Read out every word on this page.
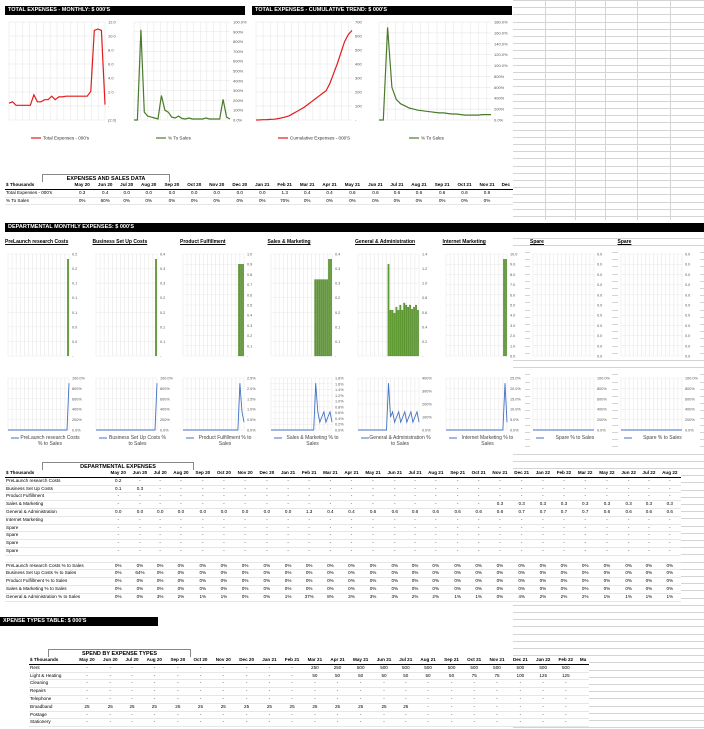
TOTAL EXPENSES - MONTHLY: $ 000'S	TOTAL EXPENSES - CUMULATIVE TREND: $ 000'S
DEPARTMENTAL MONTHLY EXPENSES: $ 000'S
XPENSE TYPES TABLE: $ 000'S
12.0
10.0
8.0
6.0
4.0
2.0
-
(2.0)
Total Expenses - 000's
100.0%
900%
800%
700%
600%
500%
400%
300%
200%
100%
0.0%
% To Sales
700
600
500
400
300
200
100
-
Cumulative Expenses - 000'S
180.0%
160.0%
140.0%
120.0%
100.0%
800%
600%
400%
200%
0.0%
% To Sales
EXPENSES AND SALES DATA
$ Thousands	May 20	Jun 20	Jul 20	Aug 20	Sep 20	Oct 20	Nov 20	Dec 20	Jan 21	Feb 21	Mar 21	Apr 21	May 21	Jun 21	Jul 21	Aug 21	Sep 21	Oct 21	Nov 21	Dec
Total Expenses - 000's	0.3	0.4	0.0	0.0	0.0	0.0	0.0	0.0	0.0	1.3	0.4	0.4	0.6	0.6	0.6	0.6	0.6	0.6	0.9	
% To Sales	0%	60%	0%	0%	0%	0%	0%	0%	0%	70%	0%	0%	0%	0%	0%	0%	0%	0%	0%	
PreLaunch research Costs
0.2
0.2
0.1
0.1
0.1
0.0
0.0
-
100.0%
800%
600%
400%
200%
0.0%
PreLaunch research Costs % to Sales
Business Set Up Costs
0.4
0.3
0.3
0.2
0.2
0.1
0.1
-
100.0%
800%
600%
400%
200%
0.0%
Business Set Up Costs % to Sales
Product Fulfillment
1.0
0.9
0.8
0.7
0.6
0.5
0.4
0.3
0.2
0.1
-
2.5%
2.0%
1.5%
1.0%
0.5%
0.0%
Product Fulfillment % to Sales
Sales & Marketing
0.4
0.3
0.3
0.2
0.2
0.1
0.1
-
1.8%
1.6%
1.4%
1.2%
1.0%
0.8%
0.6%
0.4%
0.2%
0.0%
Sales & Marketing % to Sales
General & Administration
1.4
1.2
1.0
0.8
0.6
0.4
0.2
-
400%
300%
200%
100%
0.0%
General & Administration % to Sales
Internet Marketing
10.0
9.0
8.0
7.0
6.0
5.0
4.0
3.0
2.0
1.0
0.0
25.0%
20.0%
15.0%
10.0%
5.0%
0.0%
Internet Marketing % to Sales
Spare
0.0
0.0
0.0
0.0
0.0
0.0
0.0
0.0
0.0
0.0
0.0
100.0%
800%
600%
400%
200%
0.0%
Spare % to Sales
Spare
0.0
0.0
0.0
0.0
0.0
0.0
0.0
0.0
0.0
0.0
0.0
100.0%
800%
600%
400%
200%
0.0%
Spare % to Sales
DEPARTMENTAL EXPENSES
$ Thousands	May 20	Jun 20	Jul 20	Aug 20	Sep 20	Oct 20	Nov 20	Dec 20	Jan 21	Feb 21	Mar 21	Apr 21	May 21	Jun 21	Jul 21	Aug 21	Sep 21	Oct 21	Nov 21	Dec 21	Jan 22	Feb 22	Mar 22	May 22	Jun 22	Jul 22	Aug 22
PreLaunch research Costs	0.2	-	-	-	-	-	-	-	-	-	-	-	-	-	-	-	-	-	-	-	-	-	-	-	-	-	-
Business Set Up Costs	0.1	0.3	-	-	-	-	-	-	-	-	-	-	-	-	-	-	-	-	-	-	-	-	-	-	-	-	-
Product Fulfillment	-	-	-	-	-	-	-	-	-	-	-	-	-	-	-	-	-	-	-	-	-	-	-	-	-	-	-
Sales & Marketing	-	-	-	-	-	-	-	-	-	-	-	-	-	-	-	-	-	-	0.3	0.3	0.3	0.3	0.3	0.3	0.3	0.3	0.3
General & Administration	0.0	0.0	0.0	0.0	0.0	0.0	0.0	0.0	0.0	1.3	0.4	0.4	0.6	0.6	0.6	0.6	0.6	0.6	0.6	0.7	0.7	0.7	0.7	0.6	0.6	0.6	0.6
Internet Marketing	-	-	-	-	-	-	-	-	-	-	-	-	-	-	-	-	-	-	-	-	-	-	-	-	-	-	-
Spare	-	-	-	-	-	-	-	-	-	-	-	-	-	-	-	-	-	-	-	-	-	-	-	-	-	-	-
Spare	-	-	-	-	-	-	-	-	-	-	-	-	-	-	-	-	-	-	-	-	-	-	-	-	-	-	-
Spare	-	-	-	-	-	-	-	-	-	-	-	-	-	-	-	-	-	-	-	-	-	-	-	-	-	-	-
Spare	-	-	-	-	-	-	-	-	-	-	-	-	-	-	-	-	-	-	-	-	-	-	-	-	-	-	-

PreLaunch research Costs % to Sales	0%	0%	0%	0%	0%	0%	0%	0%	0%	0%	0%	0%	0%	0%	0%	0%	0%	0%	0%	0%	0%	0%	0%	0%	0%	0%	0%
Business Set Up Costs % to Sales	0%	64%	0%	0%	0%	0%	0%	0%	0%	0%	0%	0%	0%	0%	0%	0%	0%	0%	0%	0%	0%	0%	0%	0%	0%	0%	0%
Product Fulfillment % to Sales	0%	0%	0%	0%	0%	0%	0%	0%	0%	0%	0%	0%	0%	0%	0%	0%	0%	0%	0%	0%	0%	0%	0%	0%	0%	0%	0%
Sales & Marketing % to Sales	0%	0%	0%	0%	0%	0%	0%	0%	0%	0%	0%	0%	0%	0%	0%	0%	0%	0%	0%	0%	0%	0%	0%	0%	0%	0%	0%
General & Administration % to Sales	0%	0%	3%	2%	1%	1%	0%	0%	1%	37%	8%	3%	3%	3%	2%	2%	1%	1%	0%	4%	2%	2%	2%	1%	1%	1%	1%
SPEND BY EXPENSE TYPES
$ Thousands	May 20	Jun 20	Jul 20	Aug 20	Sep 20	Oct 20	Nov 20	Dec 20	Jan 21	Feb 21	Mar 21	Apr 21	May 21	Jun 21	Jul 21	Aug 21	Sep 21	Oct 21	Nov 21	Dec 21	Jan 22	Feb 22	Ma
Rent	-	-	-	-	-	-	-	-	-	-	250	250	500	500	500	500	500	500	500	500	500	500	
Light & Heating	-	-	-	-	-	-	-	-	-	-	50	50	50	50	50	50	50	75	75	100	125	125	
Cleaning	-	-	-	-	-	-	-	-	-	-	-	-	-	-	-	-	-	-	-	-	-	-	
Repairs	-	-	-	-	-	-	-	-	-	-	-	-	-	-	-	-	-	-	-	-	-	-	
Telephone	-	-	-	-	-	-	-	-	-	-	-	-	-	-	-	-	-	-	-	-	-	-	
Broadband	25	25	25	25	25	25	25	25	25	25	25	25	25	25	25	-	-	-	-	-	-	-	
Postage	-	-	-	-	-	-	-	-	-	-	-	-	-	-	-	-	-	-	-	-	-	-	
Stationery	-	-	-	-	-	-	-	-	-	-	-	-	-	-	-	-	-	-	-	-	-	-	
